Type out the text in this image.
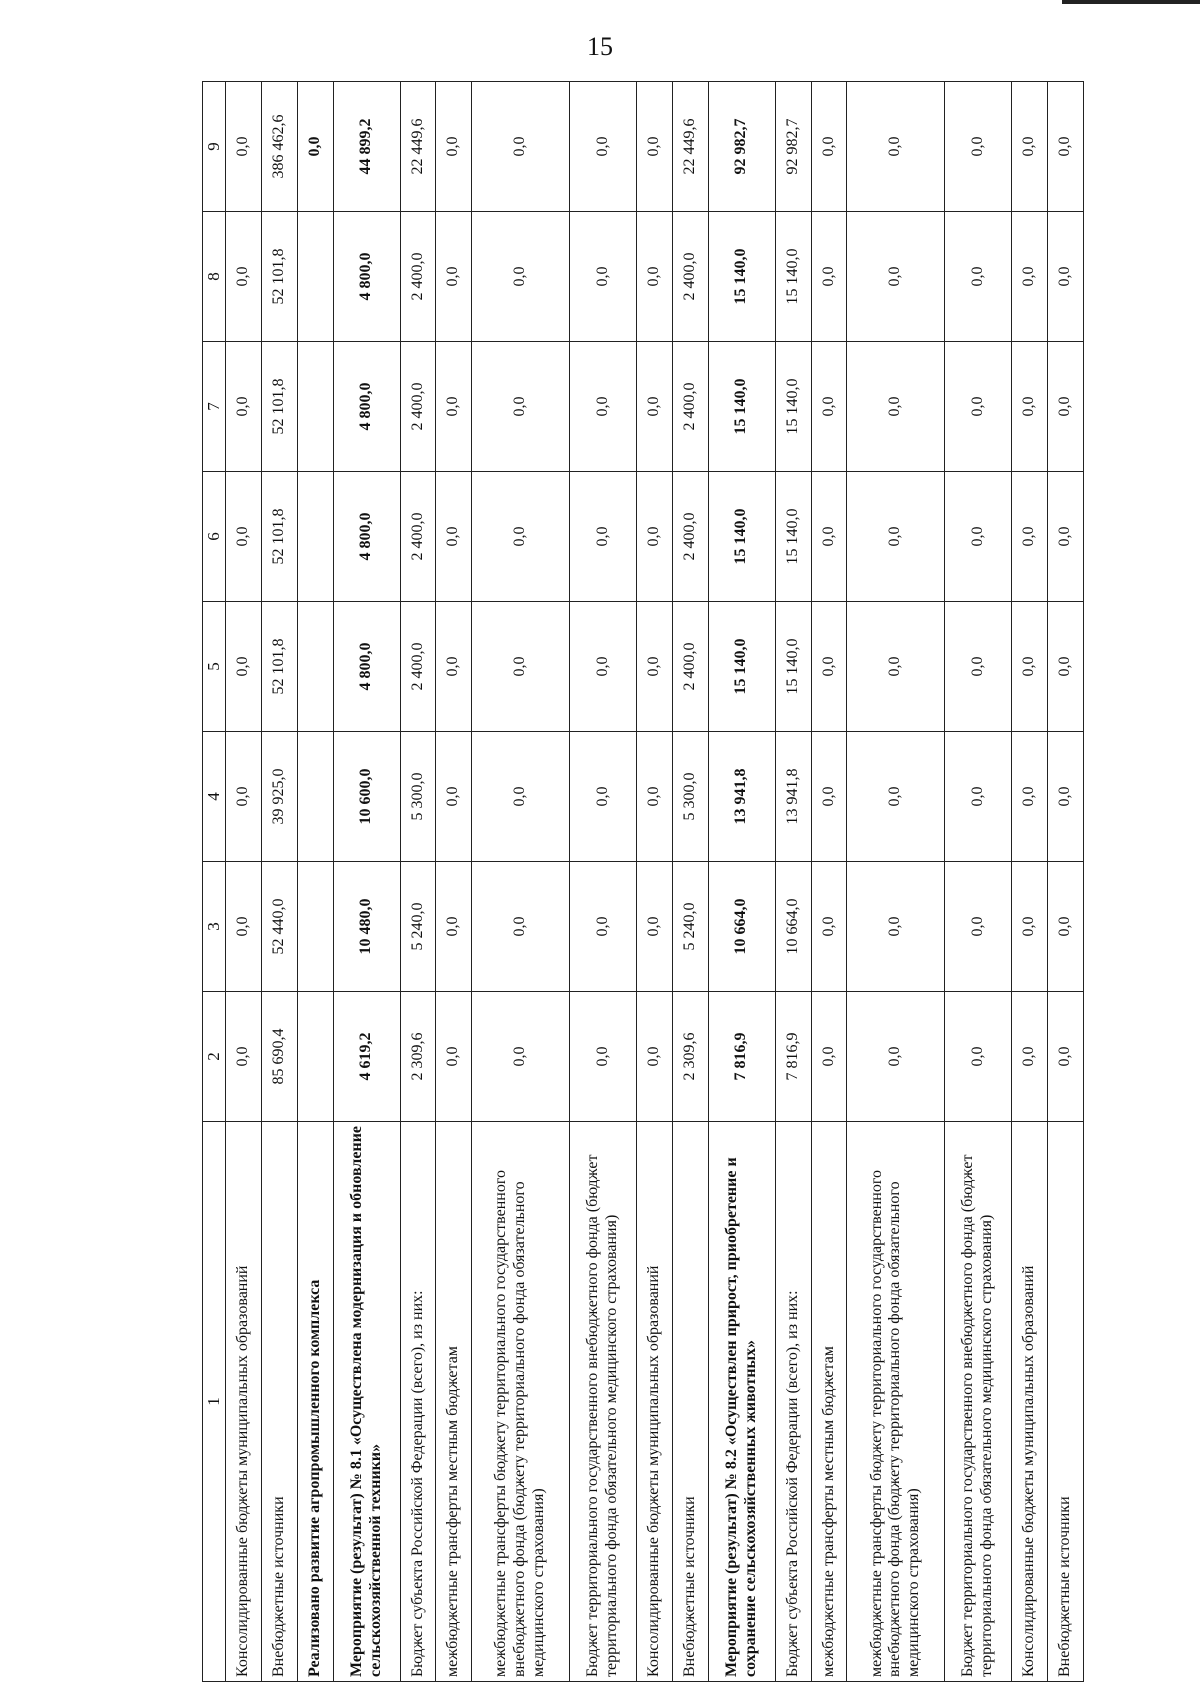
15
1	2	3	4	5	6	7	8	9
Консолидированные бюджеты муниципальных образований	0,0	0,0	0,0	0,0	0,0	0,0	0,0	0,0
Внебюджетные источники	85 690,4	52 440,0	39 925,0	52 101,8	52 101,8	52 101,8	52 101,8	386 462,6
Реализовано развитие агропромышленного комплекса								0,0
Мероприятие (результат) № 8.1 «Осуществлена модернизация и обновление сельскохозяйственной техники»	4 619,2	10 480,0	10 600,0	4 800,0	4 800,0	4 800,0	4 800,0	44 899,2
Бюджет субъекта Российской Федерации (всего), из них:	2 309,6	5 240,0	5 300,0	2 400,0	2 400,0	2 400,0	2 400,0	22 449,6
межбюджетные трансферты местным бюджетам	0,0	0,0	0,0	0,0	0,0	0,0	0,0	0,0
межбюджетные трансферты бюджету территориального государственного внебюджетного фонда (бюджету территориального фонда обязательного медицинского страхования)	0,0	0,0	0,0	0,0	0,0	0,0	0,0	0,0
Бюджет территориального государственного внебюджетного фонда (бюджет территориального фонда обязательного медицинского страхования)	0,0	0,0	0,0	0,0	0,0	0,0	0,0	0,0
Консолидированные бюджеты муниципальных образований	0,0	0,0	0,0	0,0	0,0	0,0	0,0	0,0
Внебюджетные источники	2 309,6	5 240,0	5 300,0	2 400,0	2 400,0	2 400,0	2 400,0	22 449,6
Мероприятие (результат) № 8.2 «Осуществлен прирост, приобретение и сохранение сельскохозяйственных животных»	7 816,9	10 664,0	13 941,8	15 140,0	15 140,0	15 140,0	15 140,0	92 982,7
Бюджет субъекта Российской Федерации (всего), из них:	7 816,9	10 664,0	13 941,8	15 140,0	15 140,0	15 140,0	15 140,0	92 982,7
межбюджетные трансферты местным бюджетам	0,0	0,0	0,0	0,0	0,0	0,0	0,0	0,0
межбюджетные трансферты бюджету территориального государственного внебюджетного фонда (бюджету территориального фонда обязательного медицинского страхования)	0,0	0,0	0,0	0,0	0,0	0,0	0,0	0,0
Бюджет территориального государственного внебюджетного фонда (бюджет территориального фонда обязательного медицинского страхования)	0,0	0,0	0,0	0,0	0,0	0,0	0,0	0,0
Консолидированные бюджеты муниципальных образований	0,0	0,0	0,0	0,0	0,0	0,0	0,0	0,0
Внебюджетные источники	0,0	0,0	0,0	0,0	0,0	0,0	0,0	0,0
